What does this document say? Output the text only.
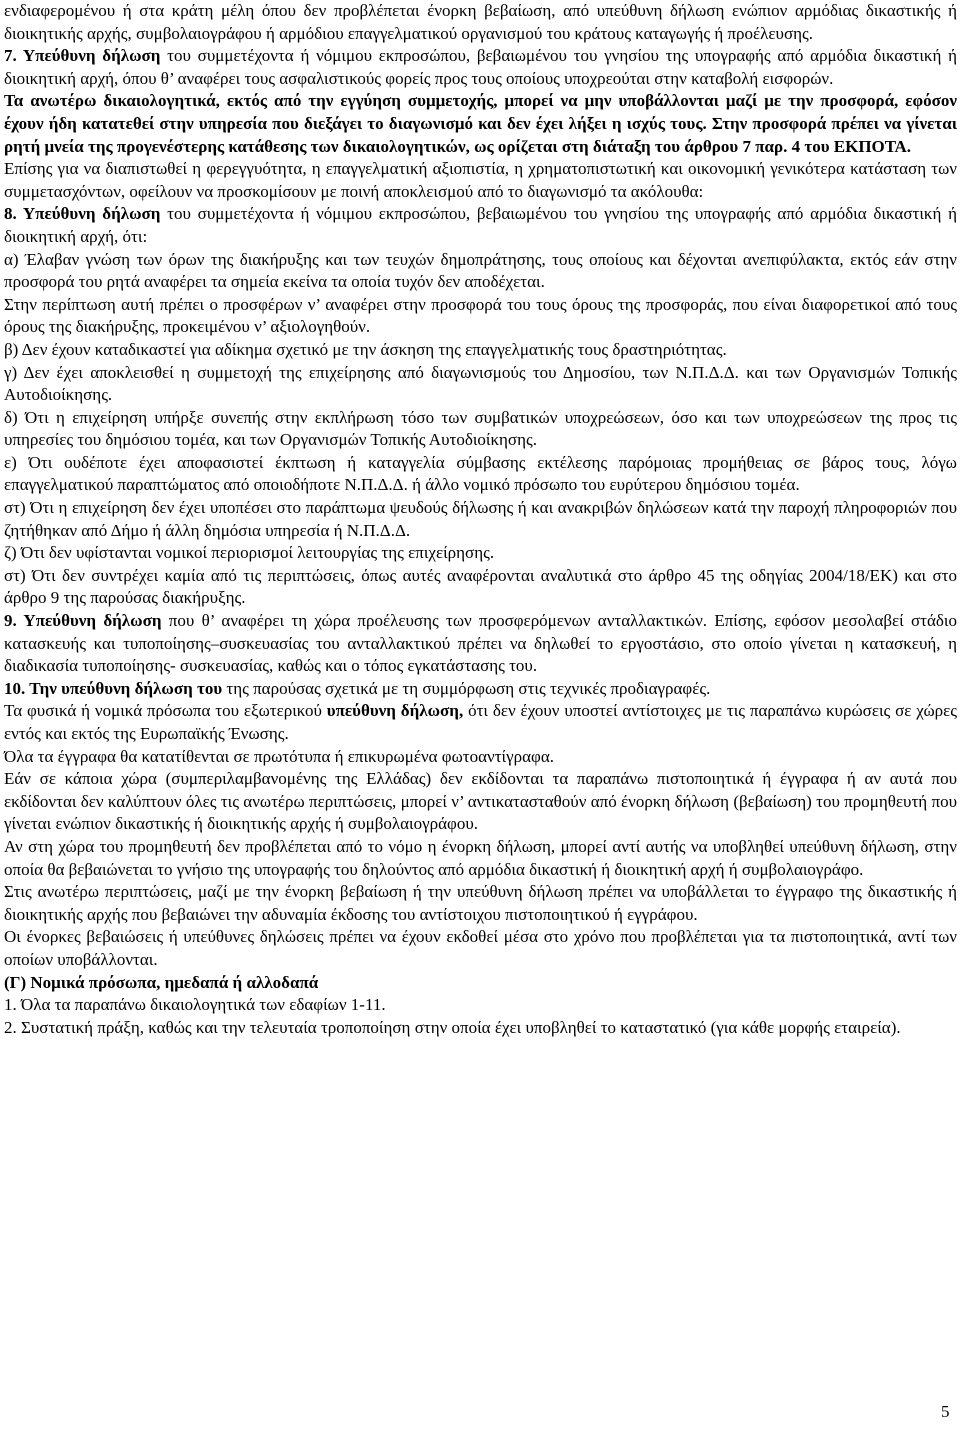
ενδιαφερομένου ή στα κράτη μέλη όπου δεν προβλέπεται ένορκη βεβαίωση, από υπεύθυνη δήλωση ενώπιον αρμόδιας δικαστικής ή διοικητικής αρχής, συμβολαιογράφου ή αρμόδιου επαγγελματικού οργανισμού του κράτους καταγωγής ή προέλευσης.

7. Υπεύθυνη δήλωση του συμμετέχοντα ή νόμιμου εκπροσώπου, βεβαιωμένου του γνησίου της υπογραφής από αρμόδια δικαστική ή διοικητική αρχή, όπου θ’ αναφέρει τους ασφαλιστικούς φορείς προς τους οποίους υποχρεούται στην καταβολή εισφορών.

Τα ανωτέρω δικαιολογητικά, εκτός από την εγγύηση συμμετοχής, μπορεί να μην υποβάλλονται μαζί με την προσφορά, εφόσον έχουν ήδη κατατεθεί στην υπηρεσία που διεξάγει το διαγωνισμό και δεν έχει λήξει η ισχύς τους. Στην προσφορά πρέπει να γίνεται ρητή μνεία της προγενέστερης κατάθεσης των δικαιολογητικών, ως ορίζεται στη διάταξη του άρθρου 7 παρ. 4 του ΕΚΠΟΤΑ.

Επίσης για να διαπιστωθεί η φερεγγυότητα, η επαγγελματική αξιοπιστία, η χρηματοπιστωτική και οικονομική γενικότερα κατάσταση των συμμετασχόντων, οφείλουν να προσκομίσουν με ποινή αποκλεισμού από το διαγωνισμό τα ακόλουθα:

8. Υπεύθυνη δήλωση του συμμετέχοντα ή νόμιμου εκπροσώπου, βεβαιωμένου του γνησίου της υπογραφής από αρμόδια δικαστική ή διοικητική αρχή, ότι:

α) Έλαβαν γνώση των όρων της διακήρυξης και των τευχών δημοπράτησης, τους οποίους και δέχονται ανεπιφύλακτα, εκτός εάν στην προσφορά του ρητά αναφέρει τα σημεία εκείνα τα οποία τυχόν δεν αποδέχεται.

Στην περίπτωση αυτή πρέπει ο προσφέρων ν’ αναφέρει στην προσφορά του τους όρους της προσφοράς, που είναι διαφορετικοί από τους όρους της διακήρυξης, προκειμένου ν’ αξιολογηθούν.

β) Δεν έχουν καταδικαστεί για αδίκημα σχετικό με την άσκηση της επαγγελματικής τους δραστηριότητας.

γ) Δεν έχει αποκλεισθεί η συμμετοχή της επιχείρησης από διαγωνισμούς του Δημοσίου, των Ν.Π.Δ.Δ. και των Οργανισμών Τοπικής Αυτοδιοίκησης.

δ) Ότι η επιχείρηση υπήρξε συνεπής στην εκπλήρωση τόσο των συμβατικών υποχρεώσεων, όσο και των υποχρεώσεων της προς τις υπηρεσίες του δημόσιου τομέα, και των Οργανισμών Τοπικής Αυτοδιοίκησης.

ε) Ότι ουδέποτε έχει αποφασιστεί έκπτωση ή καταγγελία σύμβασης εκτέλεσης παρόμοιας προμήθειας σε βάρος τους, λόγω επαγγελματικού παραπτώματος από οποιοδήποτε Ν.Π.Δ.Δ. ή άλλο νομικό πρόσωπο του ευρύτερου δημόσιου τομέα.

στ) Ότι η επιχείρηση δεν έχει υποπέσει στο παράπτωμα ψευδούς δήλωσης ή και ανακριβών δηλώσεων κατά την παροχή πληροφοριών που ζητήθηκαν από Δήμο ή άλλη δημόσια υπηρεσία ή Ν.Π.Δ.Δ.

ζ) Ότι δεν υφίστανται νομικοί περιορισμοί λειτουργίας της επιχείρησης.

στ) Ότι δεν συντρέχει καμία από τις περιπτώσεις, όπως αυτές αναφέρονται αναλυτικά στο άρθρο 45 της οδηγίας 2004/18/ΕΚ) και στο άρθρο 9 της παρούσας διακήρυξης.

9. Υπεύθυνη δήλωση που θ’ αναφέρει τη χώρα προέλευσης των προσφερόμενων ανταλλακτικών. Επίσης, εφόσον μεσολαβεί στάδιο κατασκευής και τυποποίησης–συσκευασίας του ανταλλακτικού πρέπει να δηλωθεί το εργοστάσιο, στο οποίο γίνεται η κατασκευή, η διαδικασία τυποποίησης- συσκευασίας, καθώς και ο τόπος εγκατάστασης του.

10. Την υπεύθυνη δήλωση του της παρούσας σχετικά με τη συμμόρφωση στις τεχνικές προδιαγραφές.

Τα φυσικά ή νομικά πρόσωπα του εξωτερικού υπεύθυνη δήλωση, ότι δεν έχουν υποστεί αντίστοιχες με τις παραπάνω κυρώσεις σε χώρες εντός και εκτός της Ευρωπαϊκής Ένωσης.

Όλα τα έγγραφα θα κατατίθενται σε πρωτότυπα ή επικυρωμένα φωτοαντίγραφα.

Εάν σε κάποια χώρα (συμπεριλαμβανομένης της Ελλάδας) δεν εκδίδονται τα παραπάνω πιστοποιητικά ή έγγραφα ή αν αυτά που εκδίδονται δεν καλύπτουν όλες τις ανωτέρω περιπτώσεις, μπορεί ν’ αντικατασταθούν από ένορκη δήλωση (βεβαίωση) του προμηθευτή που γίνεται ενώπιον δικαστικής ή διοικητικής αρχής ή συμβολαιογράφου.

Αν στη χώρα του προμηθευτή δεν προβλέπεται από το νόμο η ένορκη δήλωση, μπορεί αντί αυτής να υποβληθεί υπεύθυνη δήλωση, στην οποία θα βεβαιώνεται το γνήσιο της υπογραφής του δηλούντος από αρμόδια δικαστική ή διοικητική αρχή ή συμβολαιογράφο.

Στις ανωτέρω περιπτώσεις, μαζί με την ένορκη βεβαίωση ή την υπεύθυνη δήλωση πρέπει να υποβάλλεται το έγγραφο της δικαστικής ή διοικητικής αρχής που βεβαιώνει την αδυναμία έκδοσης του αντίστοιχου πιστοποιητικού ή εγγράφου.

Οι ένορκες βεβαιώσεις ή υπεύθυνες δηλώσεις πρέπει να έχουν εκδοθεί μέσα στο χρόνο που προβλέπεται για τα πιστοποιητικά, αντί των οποίων υποβάλλονται.

(Γ) Νομικά πρόσωπα, ημεδαπά ή αλλοδαπά

1. Όλα τα παραπάνω δικαιολογητικά των εδαφίων 1-11.

2. Συστατική πράξη, καθώς και την τελευταία τροποποίηση στην οποία έχει υποβληθεί το καταστατικό (για κάθε μορφής εταιρεία).

5
